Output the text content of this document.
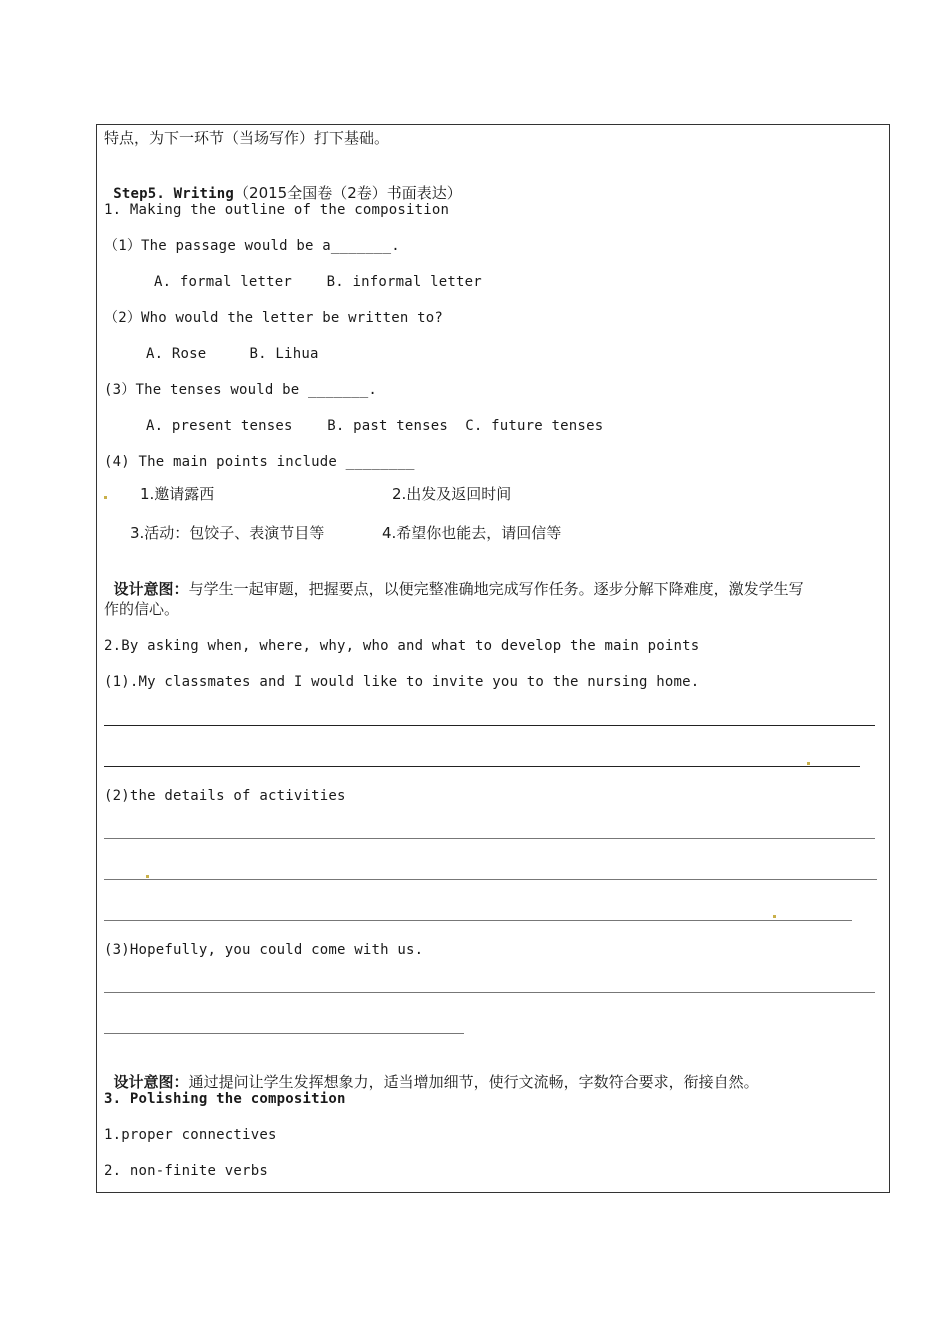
特点，为下一环节（当场写作）打下基础。

Step5. Writing（2015全国卷（2卷）书面表达）

1. Making the outline of the composition
（1）The passage would be a_______.
A. formal letter    B. informal letter
（2）Who would the letter be written to?
A. Rose     B. Lihua
(3）The tenses would be _______.
A. present tenses    B. past tenses  C. future tenses
(4) The main points include ________
1.邀请露西	2.出发及返回时间
3.活动：包饺子、表演节目等	4.希望你也能去，请回信等

设计意图：与学生一起审题，把握要点，以便完整准确地完成写作任务。逐步分解下降难度，激发学生写

作的信心。
2.By asking when, where, why, who and what to develop the main points
(1).My classmates and I would like to invite you to the nursing home.
(2)the details of activities
(3)Hopefully, you could come with us.

设计意图：通过提问让学生发挥想象力，适当增加细节，使行文流畅，字数符合要求，衔接自然。

3. Polishing the composition
1.proper connectives
2. non-finite verbs
